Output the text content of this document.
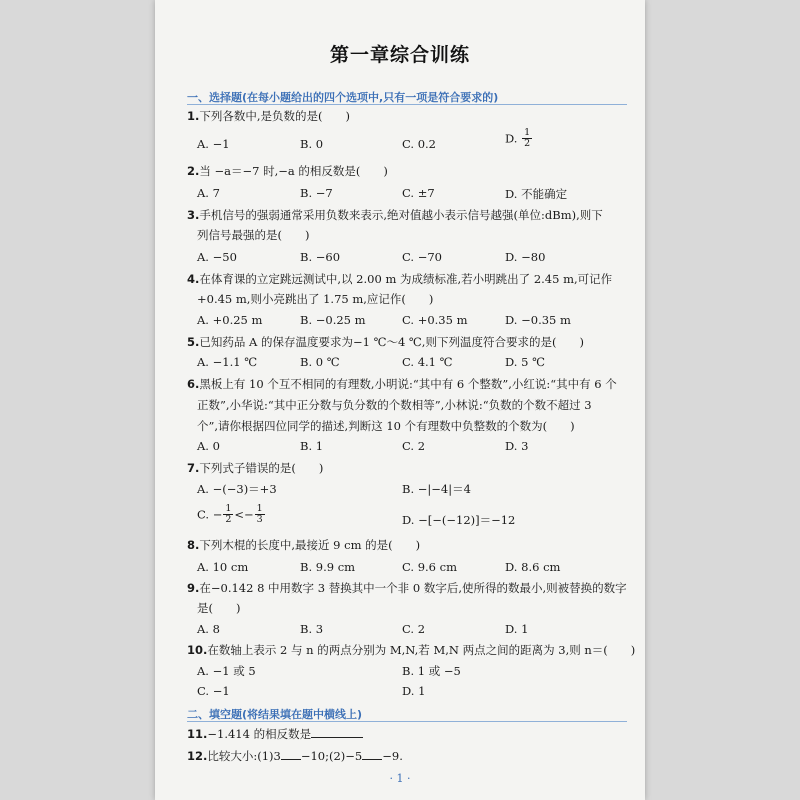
第一章综合训练
一、选择题(在每小题给出的四个选项中,只有一项是符合要求的)
1.下列各数中,是负数的是(　　)
A. −1	B. 0	C. 0.2	D. $\frac{1}{2}$
2.当 −a＝−7 时,−a 的相反数是(　　)
A. 7	B. −7	C. ±7	D. 不能确定
3.手机信号的强弱通常采用负数来表示,绝对值越小表示信号越强(单位:dBm),则下
列信号最强的是(　　)
A. −50	B. −60	C. −70	D. −80
4.在体育课的立定跳远测试中,以 2.00 m 为成绩标准,若小明跳出了 2.45 m,可记作
+0.45 m,则小亮跳出了 1.75 m,应记作(　　)
A. +0.25 m	B. −0.25 m	C. +0.35 m	D. −0.35 m
5.已知药品 A 的保存温度要求为−1 ℃～4 ℃,则下列温度符合要求的是(　　)
A. −1.1 ℃	B. 0 ℃	C. 4.1 ℃	D. 5 ℃
6.黑板上有 10 个互不相同的有理数,小明说:“其中有 6 个整数”,小红说:“其中有 6 个
正数”,小华说:“其中正分数与负分数的个数相等”,小林说:“负数的个数不超过 3
个”,请你根据四位同学的描述,判断这 10 个有理数中负整数的个数为(　　)
A. 0	B. 1	C. 2	D. 3
7.下列式子错误的是(　　)
A. −(−3)＝+3	B. −|−4|＝4
C. − $\frac{1}{2} <- \frac{1}{3}$	D. −[−(−12)]＝−12
8.下列木棍的长度中,最接近 9 cm 的是(　　)
A. 10 cm	B. 9.9 cm	C. 9.6 cm	D. 8.6 cm
9.在−0.142 8 中用数字 3 替换其中一个非 0 数字后,使所得的数最小,则被替换的数字
是(　　)
A. 8	B. 3	C. 2	D. 1
10.在数轴上表示 2 与 n 的两点分别为 M,N,若 M,N 两点之间的距离为 3,则 n＝(　　)
A. −1 或 5	B. 1 或 −5
C. −1	D. 1
二、填空题(将结果填在题中横线上)
11.−1.414 的相反数是
12.比较大小:(1)3 −10;(2)−5 −9.
· 1 ·
